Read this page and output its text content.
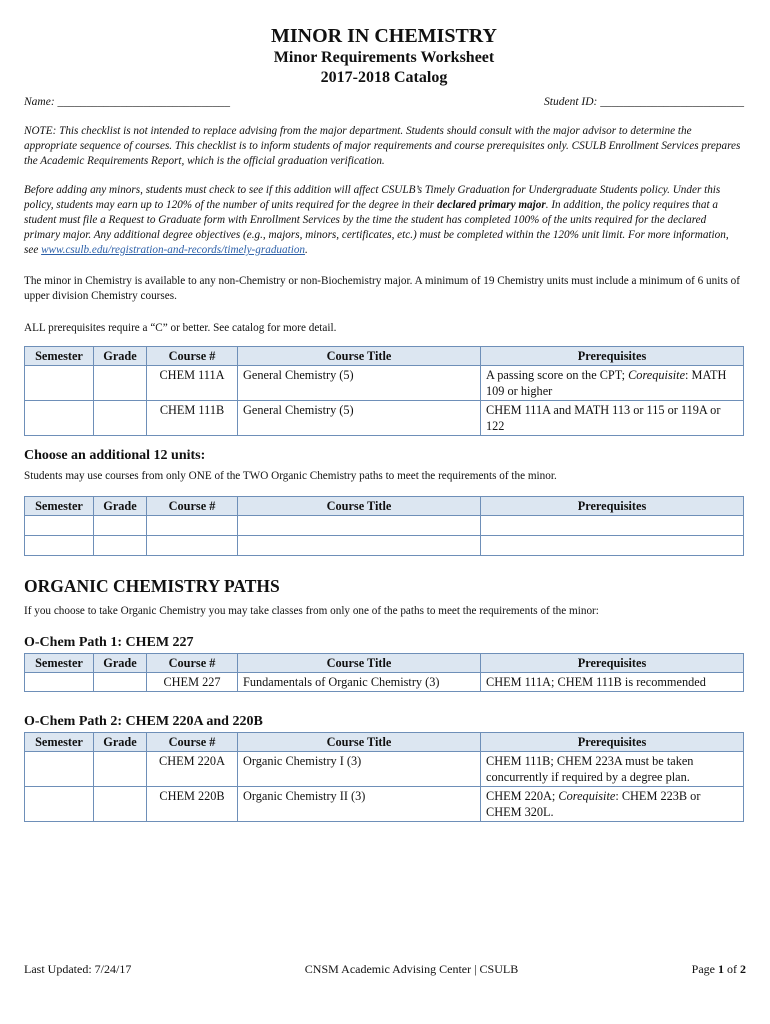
MINOR IN CHEMISTRY
Minor Requirements Worksheet
2017-2018 Catalog
Name: ______________________________	Student ID: _________________________

NOTE: This checklist is not intended to replace advising from the major department. Students should consult with the major advisor to determine the appropriate sequence of courses. This checklist is to inform students of major requirements and course prerequisites only. CSULB Enrollment Services prepares the Academic Requirements Report, which is the official graduation verification.

Before adding any minors, students must check to see if this addition will affect CSULB’s Timely Graduation for Undergraduate Students policy. Under this policy, students may earn up to 120% of the number of units required for the degree in their declared primary major. In addition, the policy requires that a student must file a Request to Graduate form with Enrollment Services by the time the student has completed 100% of the units required for the declared primary major. Any additional degree objectives (e.g., majors, minors, certificates, etc.) must be completed within the 120% unit limit. For more information, see www.csulb.edu/registration-and-records/timely-graduation.

The minor in Chemistry is available to any non-Chemistry or non-Biochemistry major. A minimum of 19 Chemistry units must include a minimum of 6 units of upper division Chemistry courses.

ALL prerequisites require a “C” or better. See catalog for more detail.

Semester	Grade	Course #	Course Title	Prerequisites
		CHEM 111A	General Chemistry (5)	A passing score on the CPT; Corequisite: MATH 109 or higher
		CHEM 111B	General Chemistry (5)	CHEM 111A and MATH 113 or 115 or 119A or 122
Choose an additional 12 units:
Students may use courses from only ONE of the TWO Organic Chemistry paths to meet the requirements of the minor.
Semester	Grade	Course #	Course Title	Prerequisites

ORGANIC CHEMISTRY PATHS
If you choose to take Organic Chemistry you may take classes from only one of the paths to meet the requirements of the minor:
O-Chem Path 1: CHEM 227
Semester	Grade	Course #	Course Title	Prerequisites
		CHEM 227	Fundamentals of Organic Chemistry (3)	CHEM 111A; CHEM 111B is recommended
O-Chem Path 2: CHEM 220A and 220B
Semester	Grade	Course #	Course Title	Prerequisites
		CHEM 220A	Organic Chemistry I (3)	CHEM 111B; CHEM 223A must be taken concurrently if required by a degree plan.
		CHEM 220B	Organic Chemistry II (3)	CHEM 220A; Corequisite: CHEM 223B or CHEM 320L.
Last Updated: 7/24/17	CNSM Academic Advising Center | CSULB	Page 1 of 2
